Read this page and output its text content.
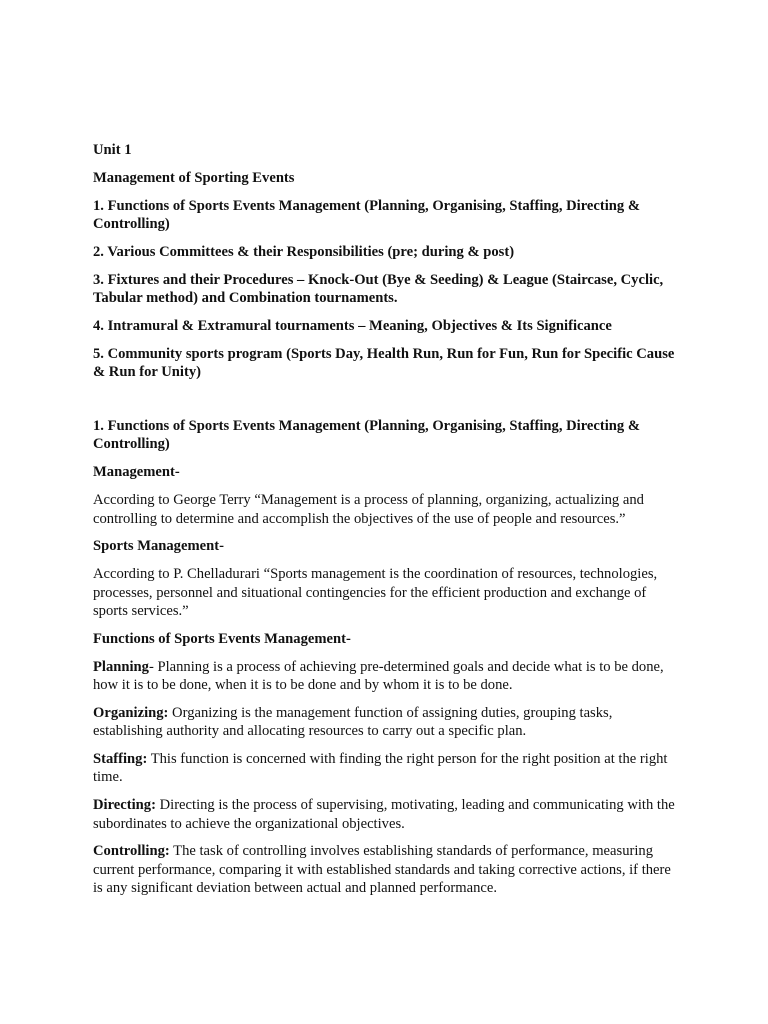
Unit 1

Management of Sporting Events

1. Functions of Sports Events Management (Planning, Organising, Staffing, Directing & Controlling)

2. Various Committees & their Responsibilities (pre; during & post)

3. Fixtures and their Procedures – Knock-Out (Bye & Seeding) & League (Staircase, Cyclic, Tabular method) and Combination tournaments.

4. Intramural & Extramural tournaments – Meaning, Objectives & Its Significance

5. Community sports program (Sports Day, Health Run, Run for Fun, Run for Specific Cause & Run for Unity)

1. Functions of Sports Events Management (Planning, Organising, Staffing, Directing & Controlling)

Management-

According to George Terry “Management is a process of planning, organizing, actualizing and controlling to determine and accomplish the objectives of the use of people and resources.”

Sports Management-

According to P. Chelladurari “Sports management is the coordination of resources, technologies, processes, personnel and situational contingencies for the efficient production and exchange of sports services.”

Functions of Sports Events Management-

Planning- Planning is a process of achieving pre-determined goals and decide what is to be done, how it is to be done, when it is to be done and by whom it is to be done.

Organizing: Organizing is the management function of assigning duties, grouping tasks, establishing authority and allocating resources to carry out a specific plan.

Staffing: This function is concerned with finding the right person for the right position at the right time.

Directing: Directing is the process of supervising, motivating, leading and communicating with the subordinates to achieve the organizational objectives.

Controlling: The task of controlling involves establishing standards of performance, measuring current performance, comparing it with established standards and taking corrective actions, if there is any significant deviation between actual and planned performance.
